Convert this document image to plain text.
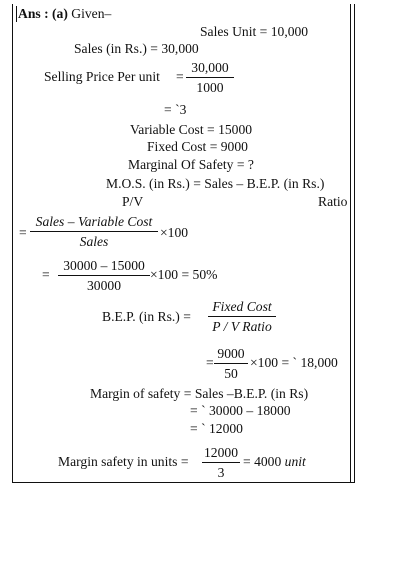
Ans : (a) Given–
Sales Unit = 10,000
Sales (in Rs.) = 30,000
Selling Price Per unit = $\frac{30,000}{1000}$
= `3
Variable Cost = 15000
Fixed Cost = 9000
Marginal Of Safety = ?
M.O.S. (in Rs.) = Sales – B.E.P. (in Rs.)
P/V	Ratio
=
Sales – Variable Cost
Sales
×100
= $\frac{30000 - 15000}{30000} \times 100 = 50\%$
B.E.P. (in Rs.) =
Fixed Cost
P / V Ratio
= $\frac{9000}{50} \times 100$ = ` 18,000
Margin of safety = Sales –B.E.P. (in Rs)
= ` 30000 – 18000
= ` 12000
Margin safety in units = $\frac{12000}{3} = 4000$ unit
